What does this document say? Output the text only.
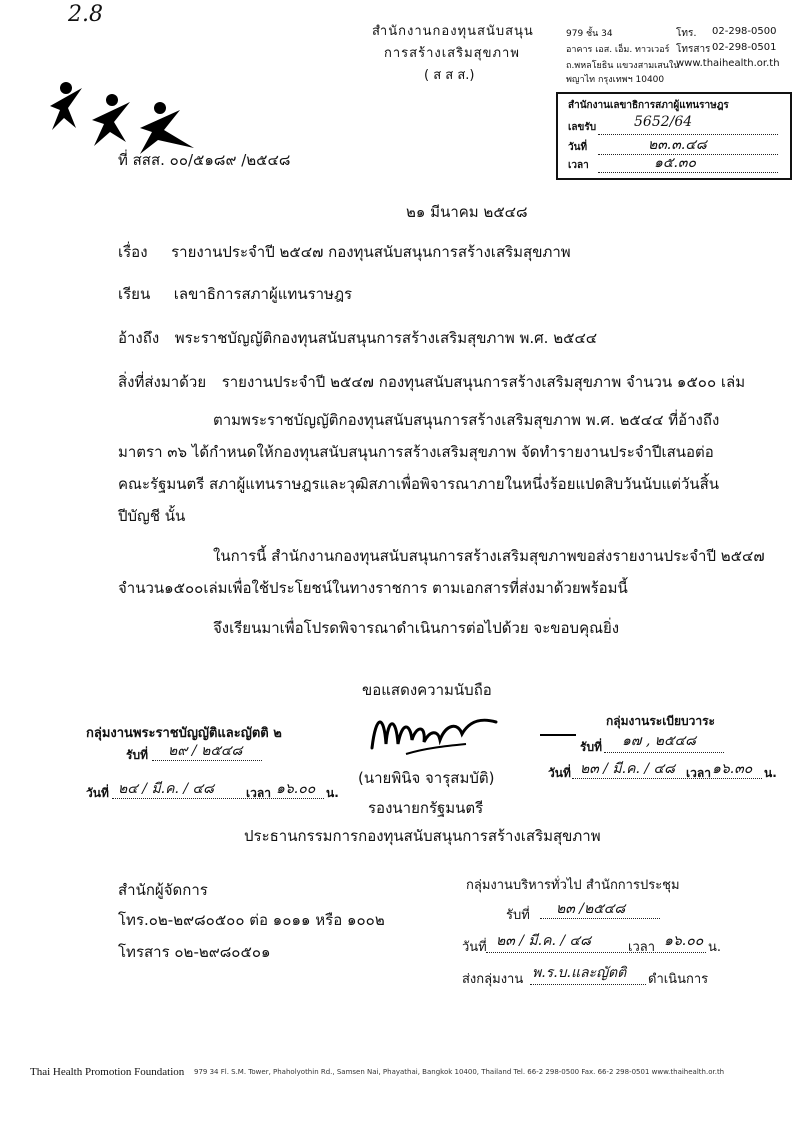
2.8
สำนักงานกองทุนสนับสนุน
การสร้างเสริมสุขภาพ
( ส ส ส.)
979 ชั้น 34
อาคาร เอส. เอ็ม. ทาวเวอร์
ถ.พหลโยธิน แขวงสามเสนใน
พญาไท กรุงเทพฯ 10400
โทร. 02-298-0500
โทรสาร 02-298-0501
www.thaihealth.or.th
สำนักงานเลขาธิการสภาผู้แทนราษฎร
เลขรับ	5652/64
วันที่	๒๓.๓.๔๘
เวลา	๑๕.๓๐
ที่ สสส. ๐๐/๕๑๘๙ /๒๕๔๘
๒๑ มีนาคม ๒๕๔๘
เรื่อง รายงานประจำปี ๒๕๔๗ กองทุนสนับสนุนการสร้างเสริมสุขภาพ
เรียน เลขาธิการสภาผู้แทนราษฎร
อ้างถึง พระราชบัญญัติกองทุนสนับสนุนการสร้างเสริมสุขภาพ พ.ศ. ๒๕๔๔
สิ่งที่ส่งมาด้วย รายงานประจำปี ๒๕๔๗ กองทุนสนับสนุนการสร้างเสริมสุขภาพ จำนวน ๑๕๐๐ เล่ม
ตามพระราชบัญญัติกองทุนสนับสนุนการสร้างเสริมสุขภาพ พ.ศ. ๒๕๔๔ ที่อ้างถึง
มาตรา ๓๖ ได้กำหนดให้กองทุนสนับสนุนการสร้างเสริมสุขภาพ จัดทำรายงานประจำปีเสนอต่อ
คณะรัฐมนตรี สภาผู้แทนราษฎรและวุฒิสภาเพื่อพิจารณาภายในหนึ่งร้อยแปดสิบวันนับแต่วันสิ้น
ปีบัญชี นั้น
ในการนี้ สำนักงานกองทุนสนับสนุนการสร้างเสริมสุขภาพขอส่งรายงานประจำปี ๒๕๔๗
จำนวน๑๕๐๐เล่มเพื่อใช้ประโยชน์ในทางราชการ ตามเอกสารที่ส่งมาด้วยพร้อมนี้
จึงเรียนมาเพื่อโปรดพิจารณาดำเนินการต่อไปด้วย จะขอบคุณยิ่ง
ขอแสดงความนับถือ
(นายพินิจ จารุสมบัติ)
รองนายกรัฐมนตรี
ประธานกรรมการกองทุนสนับสนุนการสร้างเสริมสุขภาพ
กลุ่มงานพระราชบัญญัติและญัตติ ๒
รับที่ ๒๙ / ๒๕๔๘
วันที่ ๒๔ / มี.ค. / ๔๘	เวลา ๑๖.๐๐ น.
กลุ่มงานระเบียบวาระ
รับที่ ๑๗ , ๒๕๔๘
วันที่ ๒๓ / มี.ค. / ๔๘ เวลา ๑๖.๓๐ น.
สำนักผู้จัดการ
โทร.๐๒-๒๙๘๐๕๐๐ ต่อ ๑๐๑๑ หรือ ๑๐๐๒
โทรสาร ๐๒-๒๙๘๐๕๐๑
กลุ่มงานบริหารทั่วไป สำนักการประชุม
รับที่ ๒๓ /๒๕๔๘
วันที่ ๒๓ / มี.ค. / ๔๘	เวลา ๑๖.๐๐ น.
ส่งกลุ่มงาน พ.ร.บ.และญัตติ ดำเนินการ
Thai Health Promotion Foundation 979 34 Fl. S.M. Tower, Phaholyothin Rd., Samsen Nai, Phayathai, Bangkok 10400, Thailand Tel. 66-2 298-0500 Fax. 66-2 298-0501 www.thaihealth.or.th
